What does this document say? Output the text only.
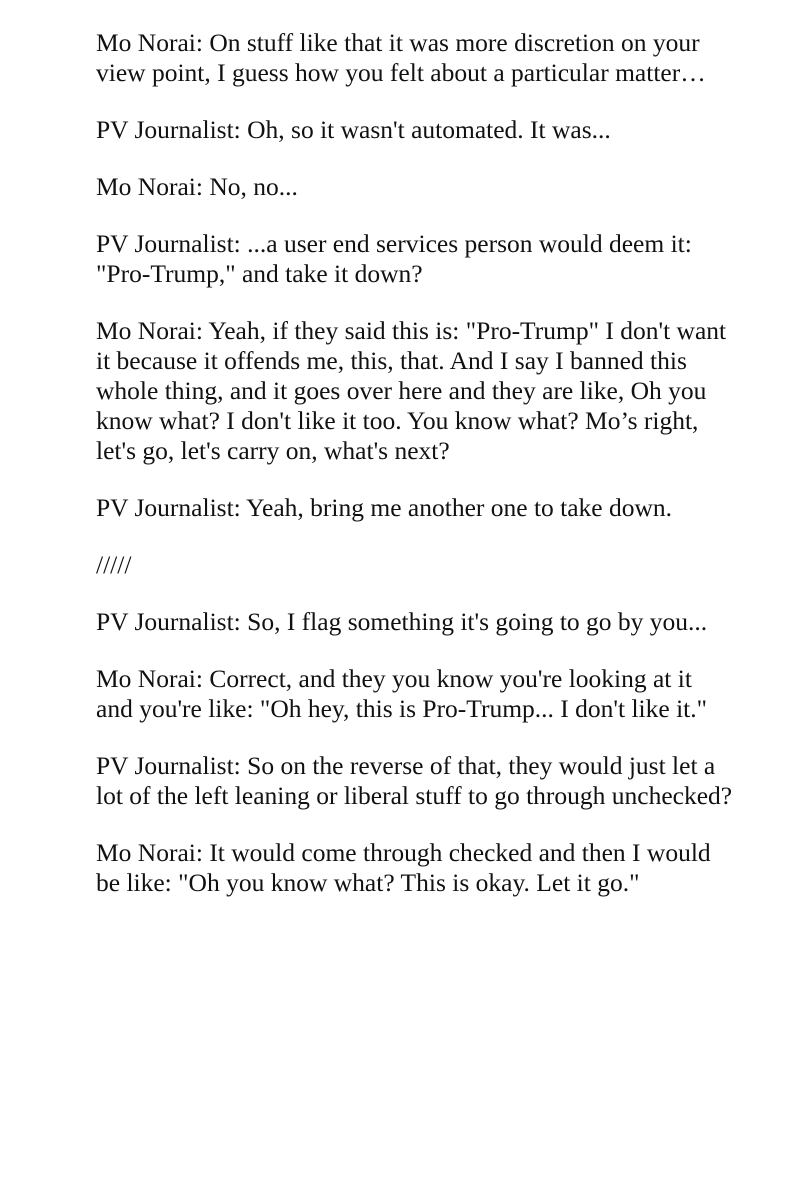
Mo Norai: On stuff like that it was more discretion on your view point, I guess how you felt about a particular matter…

PV Journalist: Oh, so it wasn't automated. It was...

Mo Norai: No, no...

PV Journalist: ...a user end services person would deem it: "Pro-Trump," and take it down?

Mo Norai: Yeah, if they said this is: "Pro-Trump" I don't want it because it offends me, this, that. And I say I banned this whole thing, and it goes over here and they are like, Oh you know what? I don't like it too. You know what? Mo’s right, let's go, let's carry on, what's next?

PV Journalist: Yeah, bring me another one to take down.

/////

PV Journalist: So, I flag something it's going to go by you...

Mo Norai: Correct, and they you know you're looking at it and you're like: "Oh hey, this is Pro-Trump... I don't like it."

PV Journalist: So on the reverse of that, they would just let a lot of the left leaning or liberal stuff to go through unchecked?

Mo Norai: It would come through checked and then I would be like: "Oh you know what? This is okay. Let it go."
